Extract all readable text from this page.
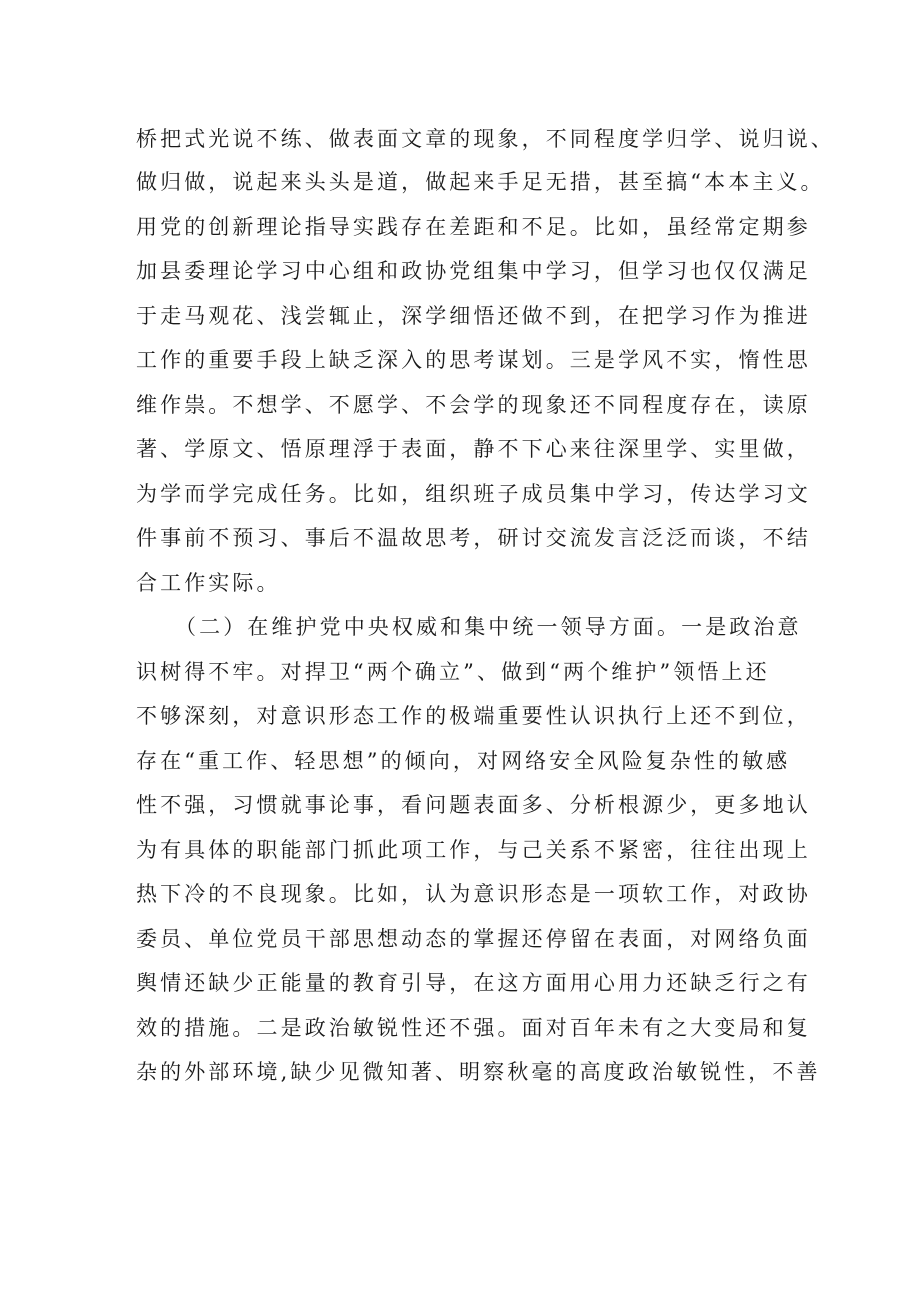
桥把式光说不练、做表面文章的现象，不同程度学归学、说归说、
做归做，说起来头头是道，做起来手足无措，甚至搞“本本主义。
用党的创新理论指导实践存在差距和不足。比如，虽经常定期参
加县委理论学习中心组和政协党组集中学习，但学习也仅仅满足
于走马观花、浅尝辄止，深学细悟还做不到，在把学习作为推进
工作的重要手段上缺乏深入的思考谋划。三是学风不实，惰性思
维作祟。不想学、不愿学、不会学的现象还不同程度存在，读原
著、学原文、悟原理浮于表面，静不下心来往深里学、实里做，
为学而学完成任务。比如，组织班子成员集中学习，传达学习文
件事前不预习、事后不温故思考，研讨交流发言泛泛而谈，不结
合工作实际。
（二）在维护党中央权威和集中统一领导方面。一是政治意
识树得不牢。对捍卫“两个确立”、做到“两个维护”领悟上还
不够深刻，对意识形态工作的极端重要性认识执行上还不到位，
存在“重工作、轻思想”的倾向，对网络安全风险复杂性的敏感
性不强，习惯就事论事，看问题表面多、分析根源少，更多地认
为有具体的职能部门抓此项工作，与己关系不紧密，往往出现上
热下冷的不良现象。比如，认为意识形态是一项软工作，对政协
委员、单位党员干部思想动态的掌握还停留在表面，对网络负面
舆情还缺少正能量的教育引导，在这方面用心用力还缺乏行之有
效的措施。二是政治敏锐性还不强。面对百年未有之大变局和复
杂的外部环境,缺少见微知著、明察秋毫的高度政治敏锐性，不善
